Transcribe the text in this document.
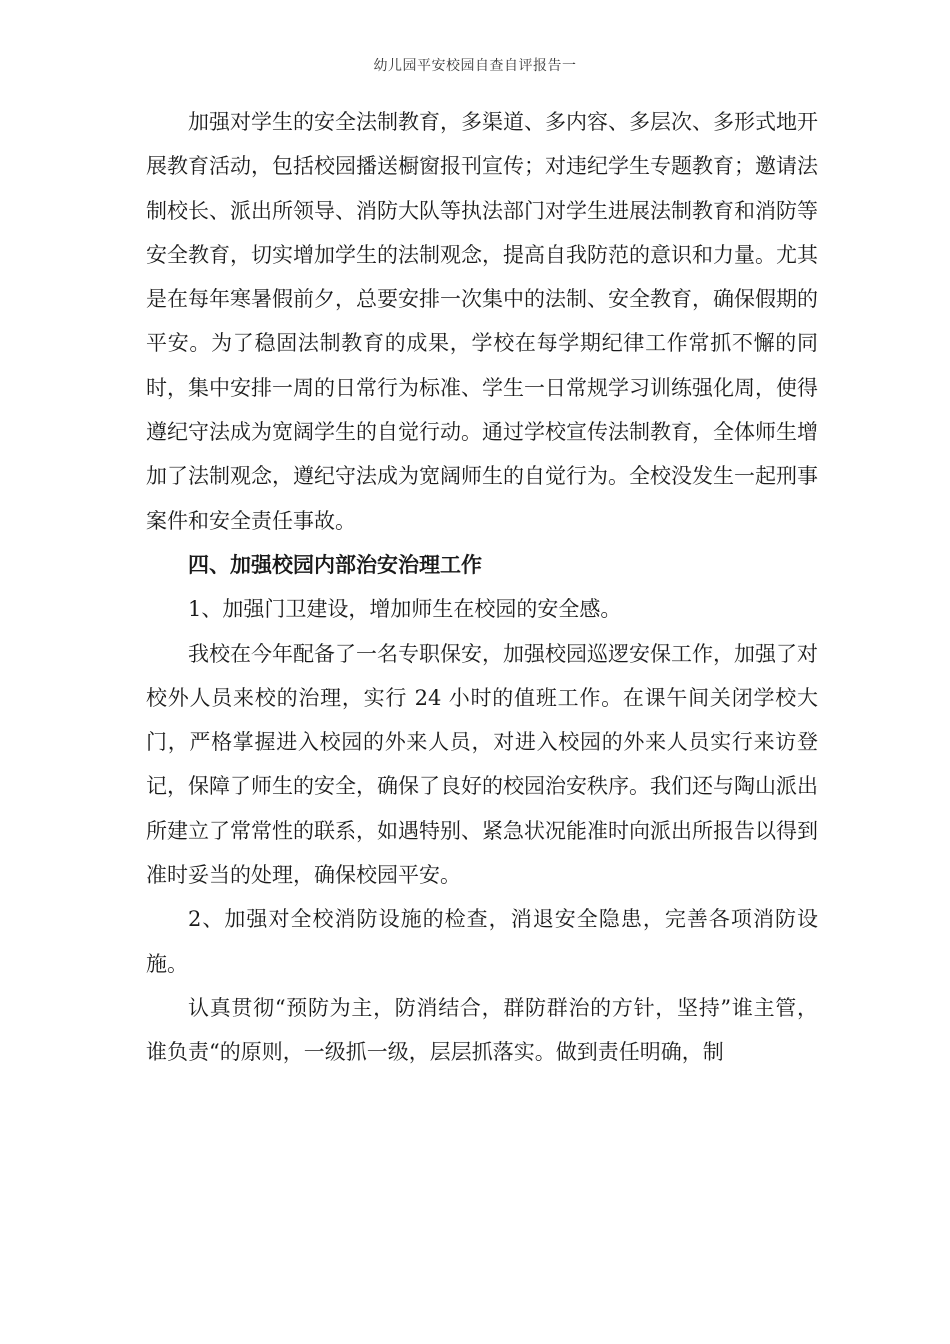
幼儿园平安校园自查自评报告一

加强对学生的安全法制教育，多渠道、多内容、多层次、多形式地开展教育活动，包括校园播送橱窗报刊宣传；对违纪学生专题教育；邀请法制校长、派出所领导、消防大队等执法部门对学生进展法制教育和消防等安全教育，切实增加学生的法制观念，提高自我防范的意识和力量。尤其是在每年寒暑假前夕，总要安排一次集中的法制、安全教育，确保假期的平安。为了稳固法制教育的成果，学校在每学期纪律工作常抓不懈的同时，集中安排一周的日常行为标准、学生一日常规学习训练强化周，使得遵纪守法成为宽阔学生的自觉行动。通过学校宣传法制教育，全体师生增加了法制观念，遵纪守法成为宽阔师生的自觉行为。全校没发生一起刑事案件和安全责任事故。

四、加强校园内部治安治理工作

1、加强门卫建设，增加师生在校园的安全感。

我校在今年配备了一名专职保安，加强校园巡逻安保工作，加强了对校外人员来校的治理，实行 24 小时的值班工作。在课午间关闭学校大门，严格掌握进入校园的外来人员，对进入校园的外来人员实行来访登记，保障了师生的安全，确保了良好的校园治安秩序。我们还与陶山派出所建立了常常性的联系，如遇特别、紧急状况能准时向派出所报告以得到准时妥当的处理，确保校园平安。

2、加强对全校消防设施的检查，消退安全隐患，完善各项消防设施。

认真贯彻“预防为主，防消结合，群防群治的方针，坚持”谁主管，谁负责“的原则，一级抓一级，层层抓落实。做到责任明确，制
